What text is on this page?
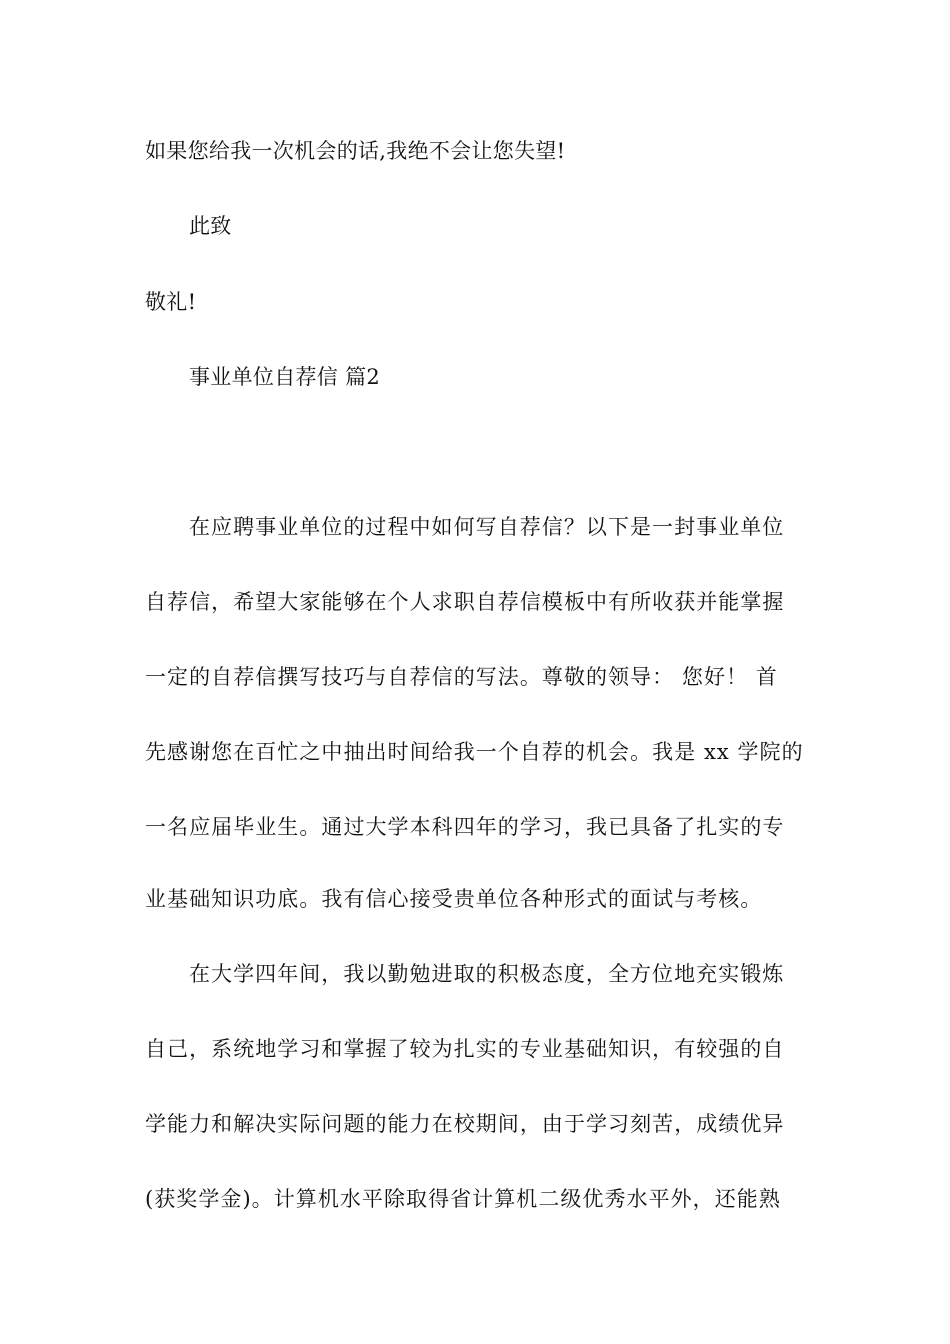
如果您给我一次机会的话,我绝不会让您失望!
此致
敬礼!
事业单位自荐信 篇2
在应聘事业单位的过程中如何写自荐信？以下是一封事业单位
自荐信，希望大家能够在个人求职自荐信模板中有所收获并能掌握
一定的自荐信撰写技巧与自荐信的写法。尊敬的领导： 您好！ 首
先感谢您在百忙之中抽出时间给我一个自荐的机会。我是 xx 学院的
一名应届毕业生。通过大学本科四年的学习，我已具备了扎实的专
业基础知识功底。我有信心接受贵单位各种形式的面试与考核。
在大学四年间，我以勤勉进取的积极态度，全方位地充实锻炼
自己，系统地学习和掌握了较为扎实的专业基础知识，有较强的自
学能力和解决实际问题的能力在校期间，由于学习刻苦，成绩优异
(获奖学金)。计算机水平除取得省计算机二级优秀水平外，还能熟
